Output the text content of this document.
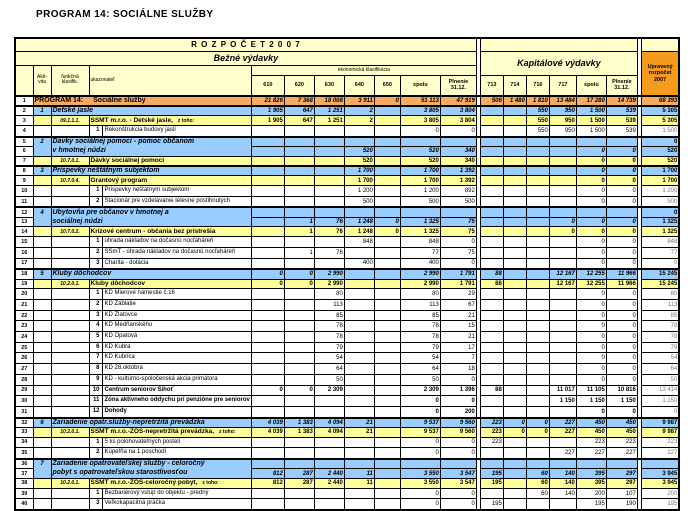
PROGRAM 14: SOCIÁLNE SLUŽBY
R O Z P O Č E T 2 0 0 7																			
Bežné výdavky												Kapitálové výdavky							Upravený
rozpočet
2007
	Akti-
vita	funkčná
klasifik.	ukazovateľ	ekonomická klasifikácia															
				610	620	630	640	650	spolu	Plnenie
31.12.		713	714	716	717	spolu	Plnenie
31.12.		
1	PROGRAM 14: Sociálne služby			21 826	7 368	18 008	3 911	0	51 113	47 919		506	1 480	1 810	13 484	17 280	14 739		68 393
2	1	Detské jasle		1 905	647	1 251	2		3 805	3 804				550	950	1 500	539		5 305
3		09.1.1.1.	SSMT m.r.o. - Detské jasle, z toho:	1 905	647	1 251	2		3 805	3 804				550	950	1 500	539		5 305
4			1 Rekonštrukcia budovy jaslí						0	0				550	950	1 500	539		1 500
5	2	Dávky sociálnej pomoci - pomoc občanom																	0
6		v hmotnej núdzi					520		520	340						0	0		520
7		10.7.0.1.	Dávky sociálnej pomoci				520		520	340						0	0		520
8	3	Príspevky neštátnym subjektom					1 700		1 700	1 392						0	0		1 700
9		10.7.0.4.	Grantový program				1 700		1 700	1 392						0	0		1 700
10			1 Príspevky neštátnym subjektom				1 200		1 200	892						0	0		1 200
11			2 Stacionár pre vzdelávanie telesne postihnutých				500		500	500						0	0		500
12	4	Ubytovňa pre občanov v hmotnej a																	0
13		sociálnej núdzi			1	76	1 248	0	1 325	75					0	0	0		1 325
14		10.7.0.2.	Krízové centrum - občania bez prístrešia		1	76	1 248	0	1 325	75					0	0	0		1 325
15			1 úhrada nákladov na dočasnú nocľaháreň				848		848	0						0	0		848
16			2 SSmT - úhrada nákladov na dočasnú nocľaháreň		1	76			77	75						0	0		77
17			3 Charita - dotácia				400		400	0						0	0		0
18	5	Kluby dôchodcov		0	0	2 990			2 990	1 791		88			12 167	12 255	11 966		15 245
19		10.2.0.1.	Kluby dôchodcov	0	0	2 990			2 990	1 791		88			12 167	12 255	11 966		15 245
20			1 KD Mierové námestie č.16			80			80	29						0	0		80
21			2 KD Záblatie			113			113	67						0	0		113
22			3 KD Zlatovce			85			85	21						0	0		85
23			4 KD Medňanského			78			78	15						0	0		78
24			5 KD Opatová			78			78	21						0	0		78
25			6 KD Kubra			79			79	17						0	0		79
26			7 KD Kubrica			54			54	7						0	0		54
27			8 KD 28.októbra			64			64	18						0	0		64
28			9 KD - kultúrno-spoločenská akcia primátora			50			50	0						0	0		50
29			10 Centrum seniorov Sihoť	0	0	2 309			2 309	1 396		88			11 017	11 105	10 816		13 414
30			11 Zóna aktívneho oddychu pri penzióne pre seniorov						0	0					1 150	1 150	1 150		1 150
31			12 Dohody						0	200						0	0		0
32	6	Zariadenie opatr.služby-nepretržitá prevádzka		4 039	1 383	4 094	21		9 537	9 560		223	0	0	227	450	450		9 987
33		10.2.0.1.	SSMT m.r.o.-ZOS-nepretržitá prevádzka, z toho:	4 039	1 383	4 094	21		9 537	9 560		223	0	0	227	450	450		9 987
34			1 5 ks polohovateľných postelí						0	0		223				223	223		223
35			2 Kúpeľňa na 1.poschodí						0	0					227	227	227		227
36	7	Zariadenie opatrovateľskej služby - celoročný																	
37		pobyt s opatrovateľskou starostlivosťou		812	287	2 440	11		3 550	3 547		195		60	140	395	297		3 945
38		10.2.0.1.	SSMT m.r.o.-ZOS-celoročný pobyt, z toho:	812	287	2 440	11		3 550	3 547		195		60	140	395	297		3 945
39			1 Bezbariérový vstup do objektu - predný						0	0				60	140	200	107		200
40			3 Veľkokapacitná práčka						0	0		195				195	190		195
